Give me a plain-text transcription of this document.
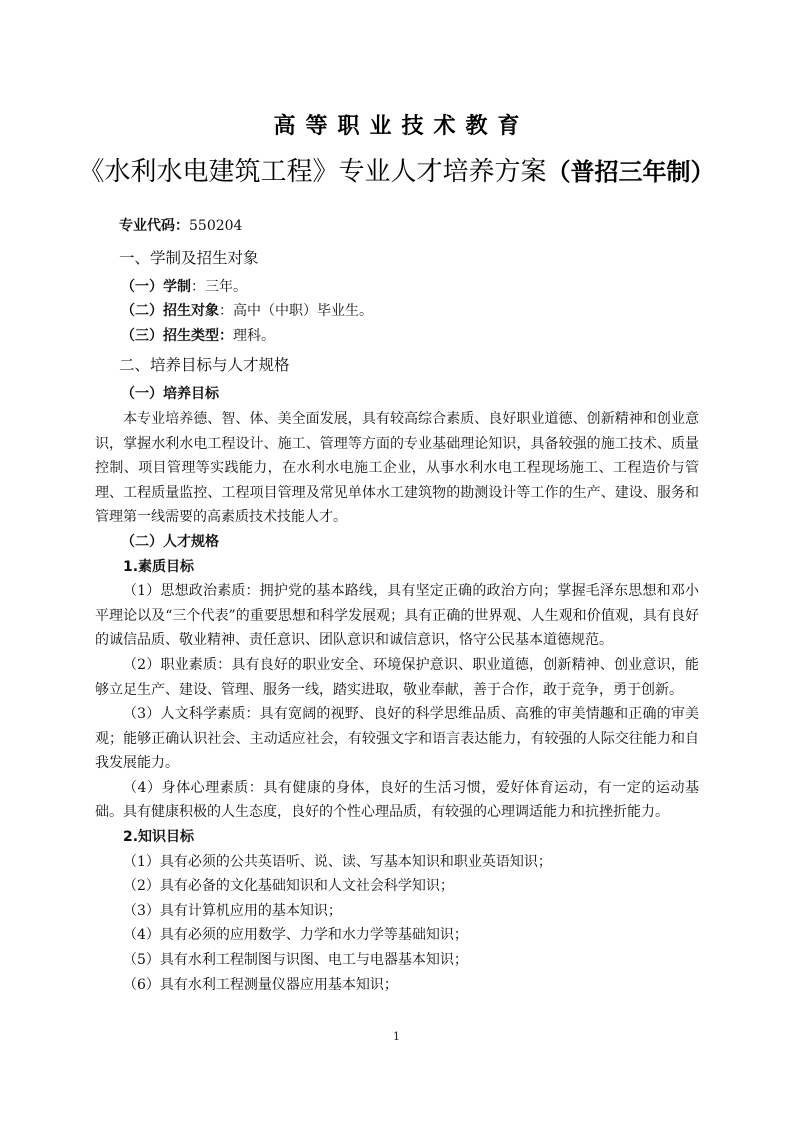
高等职业技术教育
《水利水电建筑工程》专业人才培养方案（普招三年制）
专业代码：550204
一、学制及招生对象
（一）学制：三年。
（二）招生对象：高中（中职）毕业生。
（三）招生类型：理科。
二、培养目标与人才规格
（一）培养目标
本专业培养德、智、体、美全面发展，具有较高综合素质、良好职业道德、创新精神和创业意识，掌握水利水电工程设计、施工、管理等方面的专业基础理论知识，具备较强的施工技术、质量控制、项目管理等实践能力，在水利水电施工企业，从事水利水电工程现场施工、工程造价与管理、工程质量监控、工程项目管理及常见单体水工建筑物的勘测设计等工作的生产、建设、服务和管理第一线需要的高素质技术技能人才。
（二）人才规格
1.素质目标
（1）思想政治素质：拥护党的基本路线，具有坚定正确的政治方向；掌握毛泽东思想和邓小平理论以及“三个代表”的重要思想和科学发展观；具有正确的世界观、人生观和价值观，具有良好的诚信品质、敬业精神、责任意识、团队意识和诚信意识，恪守公民基本道德规范。
（2）职业素质：具有良好的职业安全、环境保护意识、职业道德，创新精神、创业意识，能够立足生产、建设、管理、服务一线，踏实进取，敬业奉献，善于合作，敢于竞争，勇于创新。
（3）人文科学素质：具有宽阔的视野、良好的科学思维品质、高雅的审美情趣和正确的审美观；能够正确认识社会、主动适应社会，有较强文字和语言表达能力，有较强的人际交往能力和自我发展能力。
（4）身体心理素质：具有健康的身体，良好的生活习惯，爱好体育运动，有一定的运动基础。具有健康积极的人生态度，良好的个性心理品质，有较强的心理调适能力和抗挫折能力。
2.知识目标
（1）具有必须的公共英语听、说、读、写基本知识和职业英语知识；
（2）具有必备的文化基础知识和人文社会科学知识；
（3）具有计算机应用的基本知识；
（4）具有必须的应用数学、力学和水力学等基础知识；
（5）具有水利工程制图与识图、电工与电器基本知识；
（6）具有水利工程测量仪器应用基本知识；
1
